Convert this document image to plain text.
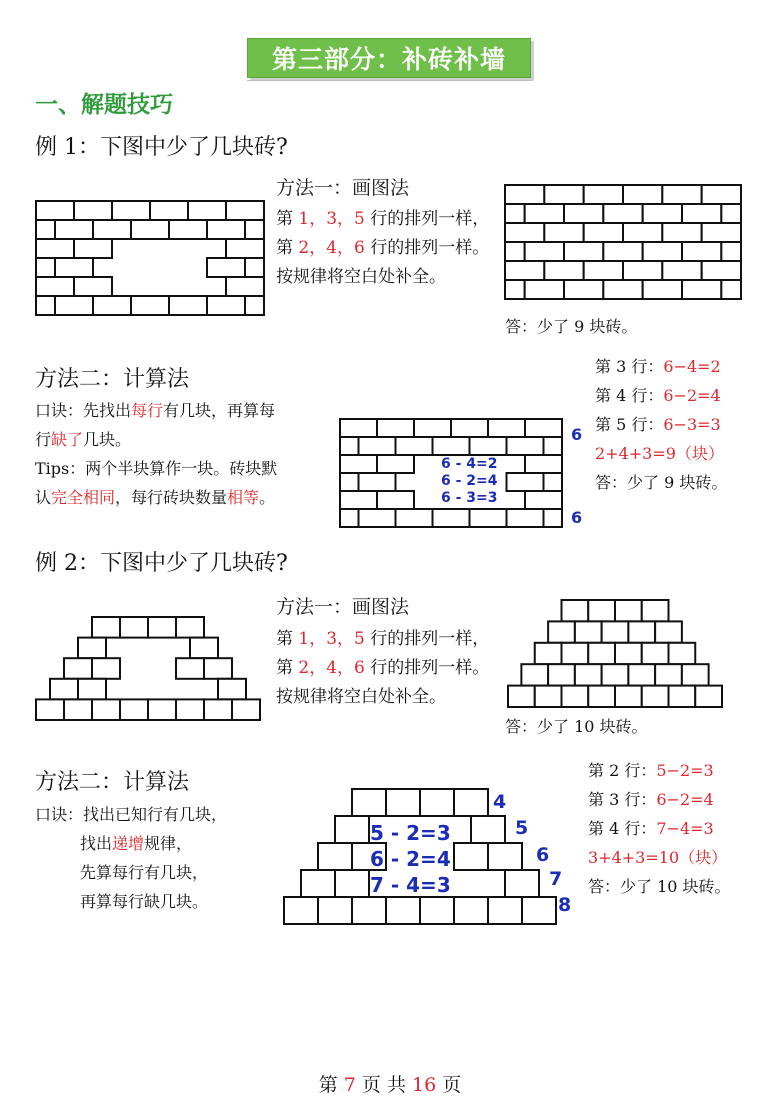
第三部分：补砖补墙
一、解题技巧
例 1：下图中少了几块砖?
方法一：画图法
第 1，3，5 行的排列一样，
第 2，4，6 行的排列一样。
按规律将空白处补全。
答：少了 9 块砖。
方法二：计算法
口诀：先找出每行有几块，再算每
行缺了几块。
Tips：两个半块算作一块。砖块默
认完全相同，每行砖块数量相等。
6
6
6 - 4=2
6 - 2=4
6 - 3=3
第 3 行：6−4=2
第 4 行：6−2=4
第 5 行：6−3=3
2+4+3=9（块）
答：少了 9 块砖。
例 2：下图中少了几块砖?
方法一：画图法
第 1，3，5 行的排列一样，
第 2，4，6 行的排列一样。
按规律将空白处补全。
答：少了 10 块砖。
方法二：计算法
口诀：找出已知行有几块，
找出递增规律，
先算每行有几块，
再算每行缺几块。
5 - 2=3
6 - 2=4
7 - 4=3
4
5
6
7
8
第 2 行：5−2=3
第 3 行：6−2=4
第 4 行：7−4=3
3+4+3=10（块）
答：少了 10 块砖。
第 7 页 共 16 页
